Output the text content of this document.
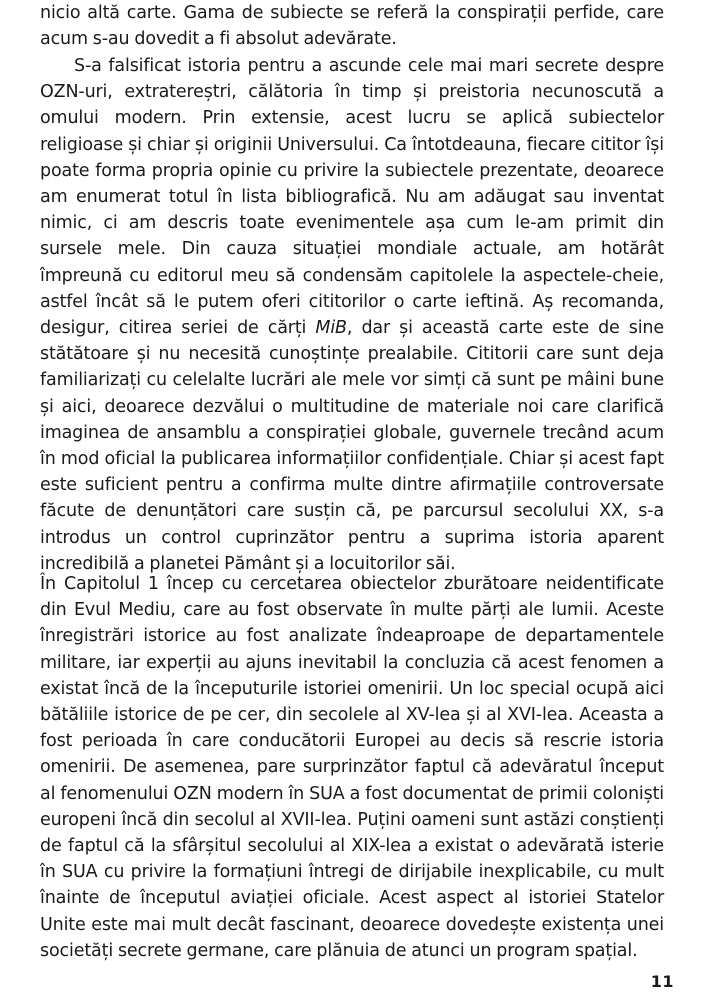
nicio altă carte. Gama de subiecte se referă la conspirații perfide, care acum s-au dovedit a fi absolut adevărate.

S-a falsificat istoria pentru a ascunde cele mai mari secrete despre OZN-uri, extratereștri, călătoria în timp și preistoria necunoscută a omului modern. Prin extensie, acest lucru se aplică subiectelor religioase și chiar și originii Universului. Ca întotdeauna, fiecare cititor își poate forma propria opinie cu privire la subiectele prezentate, deoarece am enumerat totul în lista bibliografică. Nu am adăugat sau inventat nimic, ci am descris toate evenimentele așa cum le-am primit din sursele mele. Din cauza situației mondiale actuale, am hotărât împreună cu editorul meu să condensăm capitolele la aspectele-cheie, astfel încât să le putem oferi cititorilor o carte ieftină. Aș recomanda, desigur, citirea seriei de cărți MiB, dar și această carte este de sine stătătoare și nu necesită cunoștințe prealabile. Cititorii care sunt deja familiarizați cu celelalte lucrări ale mele vor simți că sunt pe mâini bune și aici, deoarece dezvălui o multitudine de materiale noi care clarifică imaginea de ansamblu a conspirației globale, guvernele trecând acum în mod oficial la publicarea informațiilor confidențiale. Chiar și acest fapt este suficient pentru a confirma multe dintre afirmațiile controversate făcute de denunțători care susțin că, pe parcursul secolului XX, s-a introdus un control cuprinzător pentru a suprima istoria aparent incredibilă a planetei Pământ și a locuitorilor săi.

În Capitolul 1 încep cu cercetarea obiectelor zburătoare neidentificate din Evul Mediu, care au fost observate în multe părți ale lumii. Aceste înregistrări istorice au fost analizate îndeaproape de departamentele militare, iar experții au ajuns inevitabil la concluzia că acest fenomen a existat încă de la începuturile istoriei omenirii. Un loc special ocupă aici bătăliile istorice de pe cer, din secolele al XV-lea și al XVI-lea. Aceasta a fost perioada în care conducătorii Europei au decis să rescrie istoria omenirii. De asemenea, pare surprinzător faptul că adevăratul început al fenomenului OZN modern în SUA a fost documentat de primii coloniști europeni încă din secolul al XVII-lea. Puțini oameni sunt astăzi conștienți de faptul că la sfârșitul secolului al XIX-lea a existat o adevărată isterie în SUA cu privire la formațiuni întregi de dirijabile inexplicabile, cu mult înainte de începutul aviației oficiale. Acest aspect al istoriei Statelor Unite este mai mult decât fascinant, deoarece dovedește existența unei societăți secrete germane, care plănuia de atunci un program spațial.

11
